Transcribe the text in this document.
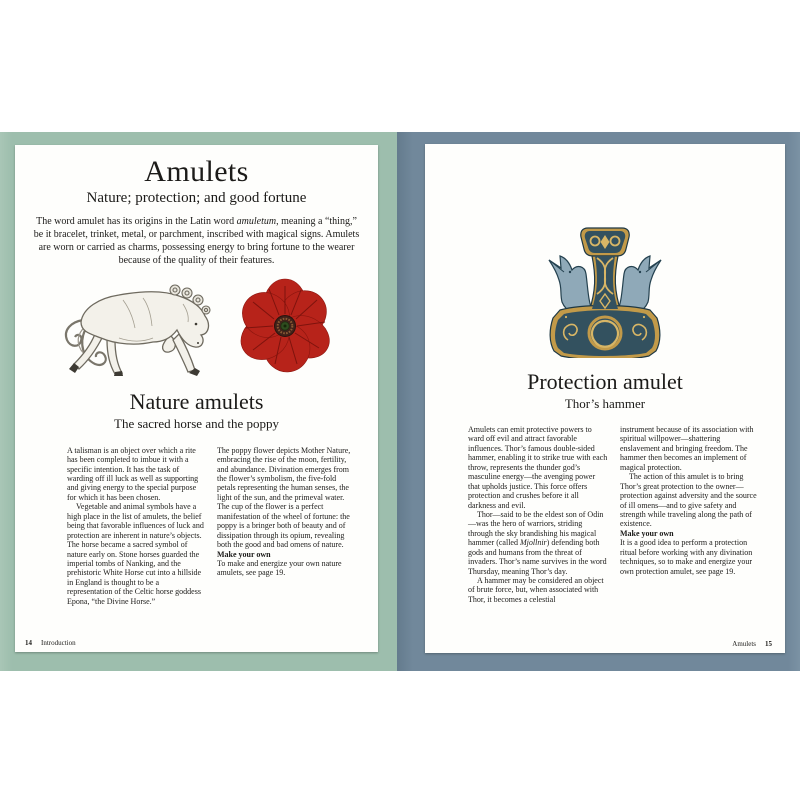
Amulets
Nature; protection; and good fortune
The word amulet has its origins in the Latin word amuletum, meaning a “thing,” be it bracelet, trinket, metal, or parchment, inscribed with magical signs. Amulets are worn or carried as charms, possessing energy to bring fortune to the wearer because of the quality of their features.
Nature amulets
The sacred horse and the poppy

A talisman is an object over which a rite has been completed to imbue it with a specific intention. It has the task of warding off ill luck as well as supporting and giving energy to the special purpose for which it has been chosen.

Vegetable and animal symbols have a high place in the list of amulets, the belief being that favorable influences of luck and protection are inherent in nature’s objects. The horse became a sacred symbol of nature early on. Stone horses guarded the imperial tombs of Nanking, and the prehistoric White Horse cut into a hillside in England is thought to be a representation of the Celtic horse goddess Epona, “the Divine Horse.”

The poppy flower depicts Mother Nature, embracing the rise of the moon, fertility, and abundance. Divination emerges from the flower’s symbolism, the five-fold petals representing the human senses, the light of the sun, and the primeval water. The cup of the flower is a perfect manifestation of the wheel of fortune: the poppy is a bringer both of beauty and of dissipation through its opium, revealing both the good and bad omens of nature.

Make your own

To make and energize your own nature amulets, see page 19.

14 Introduction
Protection amulet
Thor’s hammer

Amulets can emit protective powers to ward off evil and attract favorable influences. Thor’s famous double-sided hammer, enabling it to strike true with each throw, represents the thunder god’s masculine energy—the avenging power that upholds justice. This force offers protection and crushes before it all darkness and evil.

Thor—said to be the eldest son of Odin—was the hero of warriors, striding through the sky brandishing his magical hammer (called Mjollnir) defending both gods and humans from the threat of invaders. Thor’s name survives in the word Thursday, meaning Thor’s day.

A hammer may be considered an object of brute force, but, when associated with Thor, it becomes a celestial

instrument because of its association with spiritual willpower—shattering enslavement and bringing freedom. The hammer then becomes an implement of magical protection.

The action of this amulet is to bring Thor’s great protection to the owner—protection against adversity and the source of ill omens—and to give safety and strength while traveling along the path of existence.

Make your own

It is a good idea to perform a protection ritual before working with any divination techniques, so to make and energize your own protection amulet, see page 19.

Amulets 15
